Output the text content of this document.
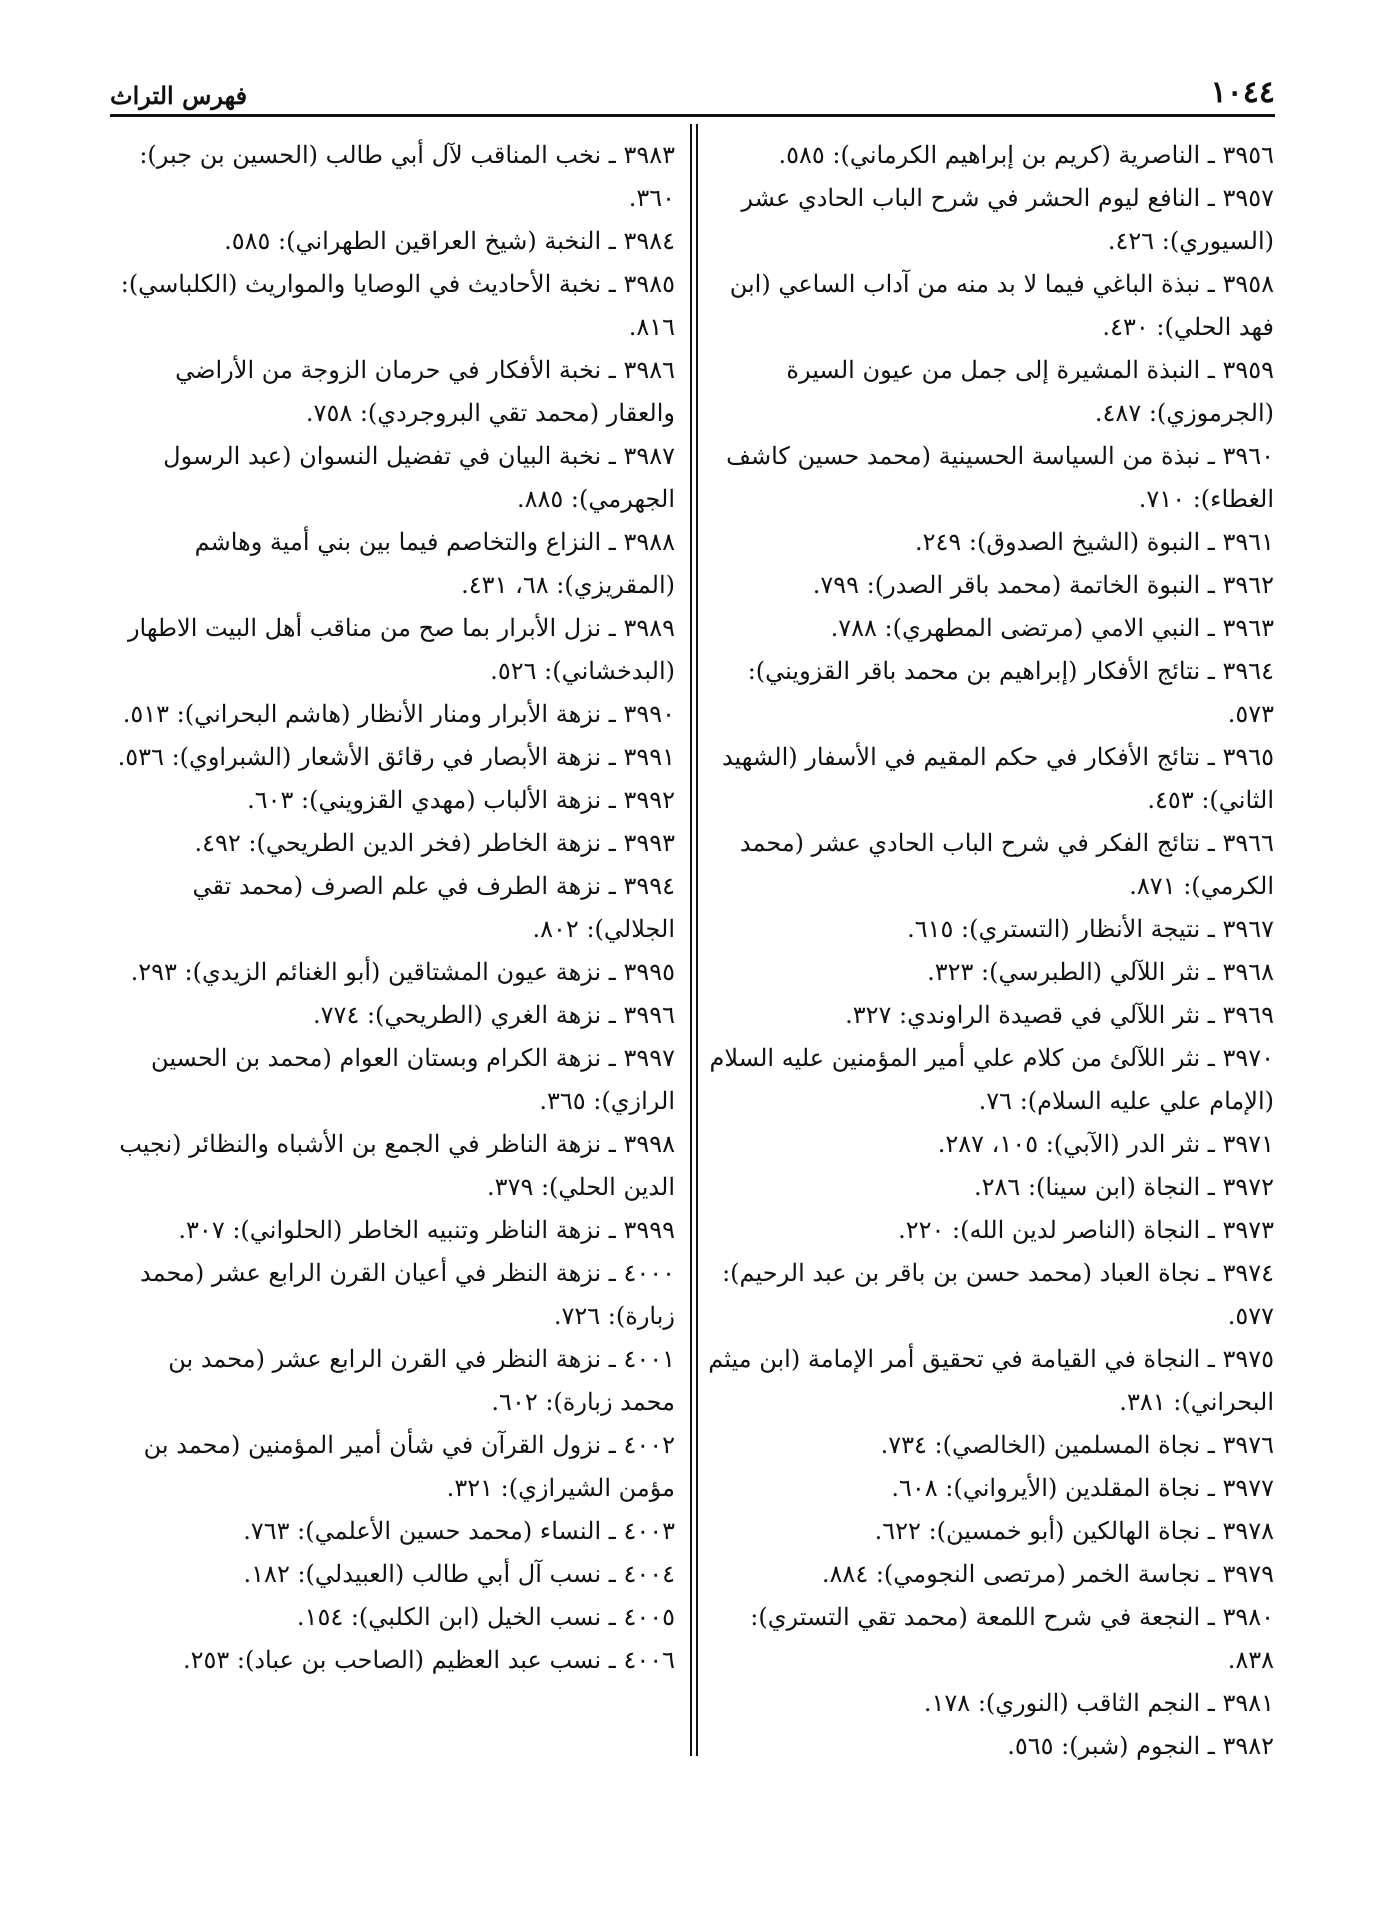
١٠٤٤
فهرس التراث

٣٩٥٦ ـ الناصرية (كريم بن إبراهيم الكرماني): ٥٨٥.

٣٩٥٧ ـ النافع ليوم الحشر في شرح الباب الحادي عشر (السيوري): ٤٢٦.

٣٩٥٨ ـ نبذة الباغي فيما لا بد منه من آداب الساعي (ابن فهد الحلي): ٤٣٠.

٣٩٥٩ ـ النبذة المشيرة إلى جمل من عيون السيرة (الجرموزي): ٤٨٧.

٣٩٦٠ ـ نبذة من السياسة الحسينية (محمد حسين كاشف الغطاء): ٧١٠.

٣٩٦١ ـ النبوة (الشيخ الصدوق): ٢٤٩.

٣٩٦٢ ـ النبوة الخاتمة (محمد باقر الصدر): ٧٩٩.

٣٩٦٣ ـ النبي الامي (مرتضى المطهري): ٧٨٨.

٣٩٦٤ ـ نتائج الأفكار (إبراهيم بن محمد باقر القزويني): ٥٧٣.

٣٩٦٥ ـ نتائج الأفكار في حكم المقيم في الأسفار (الشهيد الثاني): ٤٥٣.

٣٩٦٦ ـ نتائج الفكر في شرح الباب الحادي عشر (محمد الكرمي): ٨٧١.

٣٩٦٧ ـ نتيجة الأنظار (التستري): ٦١٥.

٣٩٦٨ ـ نثر اللآلي (الطبرسي): ٣٢٣.

٣٩٦٩ ـ نثر اللآلي في قصيدة الراوندي: ٣٢٧.

٣٩٧٠ ـ نثر اللآلئ من كلام علي أمير المؤمنين عليه السلام (الإمام علي عليه السلام): ٧٦.

٣٩٧١ ـ نثر الدر (الآبي): ١٠٥، ٢٨٧.

٣٩٧٢ ـ النجاة (ابن سينا): ٢٨٦.

٣٩٧٣ ـ النجاة (الناصر لدين الله): ٢٢٠.

٣٩٧٤ ـ نجاة العباد (محمد حسن بن باقر بن عبد الرحيم): ٥٧٧.

٣٩٧٥ ـ النجاة في القيامة في تحقيق أمر الإمامة (ابن ميثم البحراني): ٣٨١.

٣٩٧٦ ـ نجاة المسلمين (الخالصي): ٧٣٤.

٣٩٧٧ ـ نجاة المقلدين (الأيرواني): ٦٠٨.

٣٩٧٨ ـ نجاة الهالكين (أبو خمسين): ٦٢٢.

٣٩٧٩ ـ نجاسة الخمر (مرتصى النجومي): ٨٨٤.

٣٩٨٠ ـ النجعة في شرح اللمعة (محمد تقي التستري): ٨٣٨.

٣٩٨١ ـ النجم الثاقب (النوري): ١٧٨.

٣٩٨٢ ـ النجوم (شبر): ٥٦٥.

٣٩٨٣ ـ نخب المناقب لآل أبي طالب (الحسين بن جبر): ٣٦٠.

٣٩٨٤ ـ النخبة (شيخ العراقين الطهراني): ٥٨٥.

٣٩٨٥ ـ نخبة الأحاديث في الوصايا والمواريث (الكلباسي): ٨١٦.

٣٩٨٦ ـ نخبة الأفكار في حرمان الزوجة من الأراضي والعقار (محمد تقي البروجردي): ٧٥٨.

٣٩٨٧ ـ نخبة البيان في تفضيل النسوان (عبد الرسول الجهرمي): ٨٨٥.

٣٩٨٨ ـ النزاع والتخاصم فيما بين بني أمية وهاشم (المقريزي): ٦٨، ٤٣١.

٣٩٨٩ ـ نزل الأبرار بما صح من مناقب أهل البيت الاطهار (البدخشاني): ٥٢٦.

٣٩٩٠ ـ نزهة الأبرار ومنار الأنظار (هاشم البحراني): ٥١٣.

٣٩٩١ ـ نزهة الأبصار في رقائق الأشعار (الشبراوي): ٥٣٦.

٣٩٩٢ ـ نزهة الألباب (مهدي القزويني): ٦٠٣.

٣٩٩٣ ـ نزهة الخاطر (فخر الدين الطريحي): ٤٩٢.

٣٩٩٤ ـ نزهة الطرف في علم الصرف (محمد تقي الجلالي): ٨٠٢.

٣٩٩٥ ـ نزهة عيون المشتاقين (أبو الغنائم الزيدي): ٢٩٣.

٣٩٩٦ ـ نزهة الغري (الطريحي): ٧٧٤.

٣٩٩٧ ـ نزهة الكرام وبستان العوام (محمد بن الحسين الرازي): ٣٦٥.

٣٩٩٨ ـ نزهة الناظر في الجمع بن الأشباه والنظائر (نجيب الدين الحلي): ٣٧٩.

٣٩٩٩ ـ نزهة الناظر وتنبيه الخاطر (الحلواني): ٣٠٧.

٤٠٠٠ ـ نزهة النظر في أعيان القرن الرابع عشر (محمد زبارة): ٧٢٦.

٤٠٠١ ـ نزهة النظر في القرن الرابع عشر (محمد بن محمد زبارة): ٦٠٢.

٤٠٠٢ ـ نزول القرآن في شأن أمير المؤمنين (محمد بن مؤمن الشيرازي): ٣٢١.

٤٠٠٣ ـ النساء (محمد حسين الأعلمي): ٧٦٣.

٤٠٠٤ ـ نسب آل أبي طالب (العبيدلي): ١٨٢.

٤٠٠٥ ـ نسب الخيل (ابن الكلبي): ١٥٤.

٤٠٠٦ ـ نسب عبد العظيم (الصاحب بن عباد): ٢٥٣.
